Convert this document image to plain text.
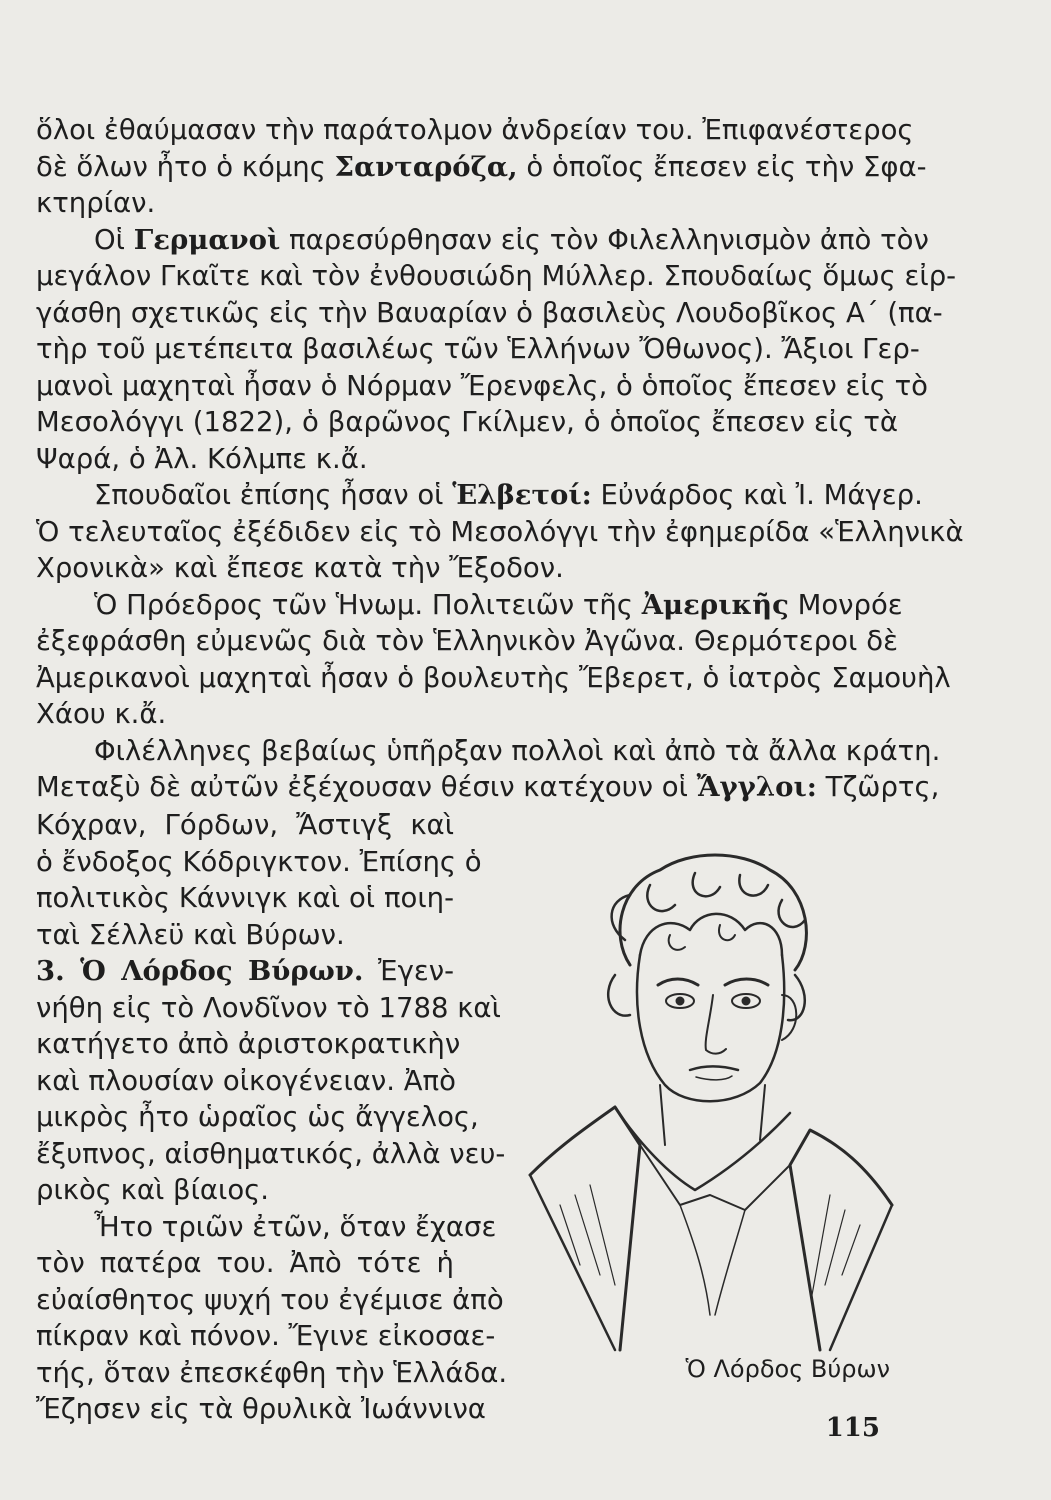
ὅλοι ἐθαύμασαν τὴν παράτολμον ἀνδρείαν του. Ἐπιφανέστερος
δὲ ὅλων ἦτο ὁ κόμης Σανταρόζα, ὁ ὁποῖος ἔπεσεν εἰς τὴν Σφα-
κτηρίαν.
Οἱ Γερμανοὶ παρεσύρθησαν εἰς τὸν Φιλελληνισμὸν ἀπὸ τὸν
μεγάλον Γκαῖτε καὶ τὸν ἐνθουσιώδη Μύλλερ. Σπουδαίως ὅμως εἰρ-
γάσθη σχετικῶς εἰς τὴν Βαυαρίαν ὁ βασιλεὺς Λουδοβῖκος Α΄ (πα-
τὴρ τοῦ μετέπειτα βασιλέως τῶν Ἑλλήνων Ὄθωνος). Ἄξιοι Γερ-
μανοὶ μαχηταὶ ἦσαν ὁ Νόρμαν Ἔρενφελς, ὁ ὁποῖος ἔπεσεν εἰς τὸ
Μεσολόγγι (1822), ὁ βαρῶνος Γκίλμεν, ὁ ὁποῖος ἔπεσεν εἰς τὰ
Ψαρά, ὁ Ἀλ. Κόλμπε κ.ἄ.
Σπουδαῖοι ἐπίσης ἦσαν οἱ Ἑλβετοί: Εὐνάρδος καὶ Ἰ. Μάγερ.
Ὁ τελευταῖος ἐξέδιδεν εἰς τὸ Μεσολόγγι τὴν ἐφημερίδα «Ἑλληνικὰ
Χρονικὰ» καὶ ἔπεσε κατὰ τὴν Ἔξοδον.
Ὁ Πρόεδρος τῶν Ἡνωμ. Πολιτειῶν τῆς Ἀμερικῆς Μονρόε
ἐξεφράσθη εὐμενῶς διὰ τὸν Ἑλληνικὸν Ἀγῶνα. Θερμότεροι δὲ
Ἀμερικανοὶ μαχηταὶ ἦσαν ὁ βουλευτὴς Ἔβερετ, ὁ ἰατρὸς Σαμουὴλ
Χάου κ.ἄ.
Φιλέλληνες βεβαίως ὑπῆρξαν πολλοὶ καὶ ἀπὸ τὰ ἄλλα κράτη.
Μεταξὺ δὲ αὐτῶν ἐξέχουσαν θέσιν κατέχουν οἱ Ἄγγλοι: Τζῶρτς,
Κόχραν, Γόρδων, Ἄστιγξ καὶ
ὁ ἔνδοξος Κόδριγκτον. Ἐπίσης ὁ
πολιτικὸς Κάννιγκ καὶ οἱ ποιη-
ταὶ Σέλλεϋ καὶ Βύρων.
3. Ὁ Λόρδος Βύρων. Ἐγεν-
νήθη εἰς τὸ Λονδῖνον τὸ 1788 καὶ
κατήγετο ἀπὸ ἀριστοκρατικὴν
καὶ πλουσίαν οἰκογένειαν. Ἀπὸ
μικρὸς ἦτο ὡραῖος ὡς ἄγγελος,
ἔξυπνος, αἰσθηματικός, ἀλλὰ νευ-
ρικὸς καὶ βίαιος.
Ἦτο τριῶν ἐτῶν, ὅταν ἔχασε
τὸν πατέρα του. Ἀπὸ τότε ἡ
εὐαίσθητος ψυχή του ἐγέμισε ἀπὸ
πίκραν καὶ πόνον. Ἔγινε εἰκοσαε-
τής, ὅταν ἐπεσκέφθη τὴν Ἑλλάδα.
Ἔζησεν εἰς τὰ θρυλικὰ Ἰωάννινα
Ὁ Λόρδος Βύρων
115
